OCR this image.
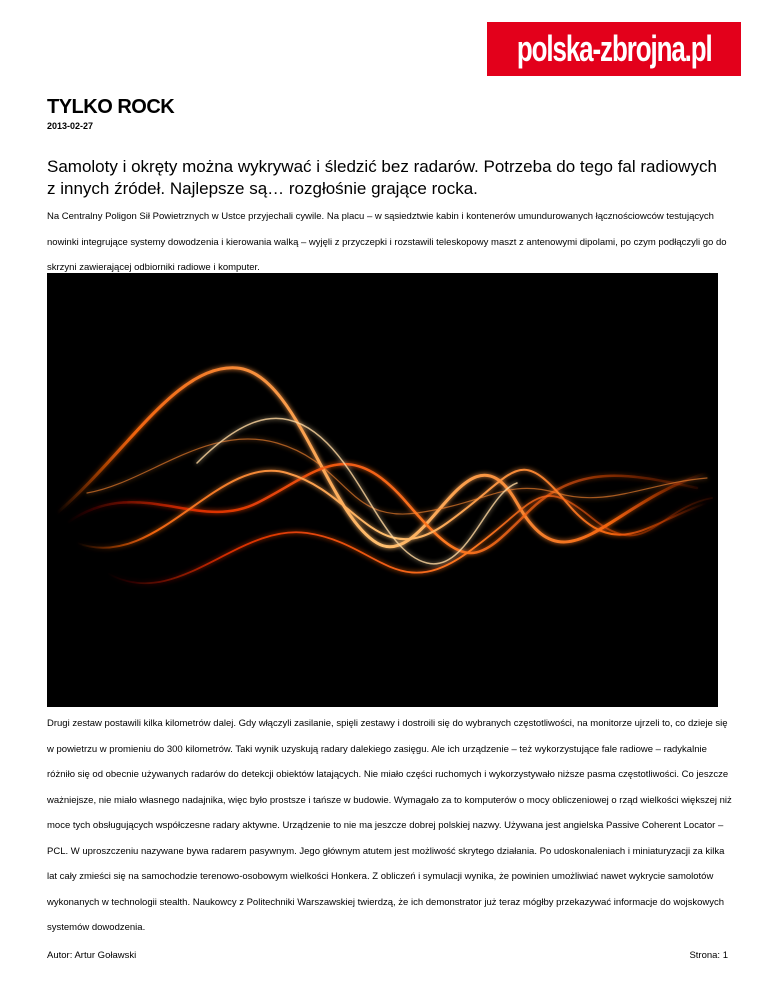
polska-zbrojna.pl
TYLKO ROCK
2013-02-27

Samoloty i okręty można wykrywać i śledzić bez radarów. Potrzeba do tego fal radiowych z innych źródeł. Najlepsze są… rozgłośnie grające rocka.

Na Centralny Poligon Sił Powietrznych w Ustce przyjechali cywile. Na placu – w sąsiedztwie kabin i kontenerów umundurowanych łącznościowców testujących nowinki integrujące systemy dowodzenia i kierowania walką – wyjęli z przyczepki i rozstawili teleskopowy maszt z antenowymi dipolami, po czym podłączyli go do skrzyni zawierającej odbiorniki radiowe i komputer.

Drugi zestaw postawili kilka kilometrów dalej. Gdy włączyli zasilanie, spięli zestawy i dostroili się do wybranych częstotliwości, na monitorze ujrzeli to, co dzieje się w powietrzu w promieniu do 300 kilometrów. Taki wynik uzyskują radary dalekiego zasięgu. Ale ich urządzenie – też wykorzystujące fale radiowe – radykalnie różniło się od obecnie używanych radarów do detekcji obiektów latających. Nie miało części ruchomych i wykorzystywało niższe pasma częstotliwości. Co jeszcze ważniejsze, nie miało własnego nadajnika, więc było prostsze i tańsze w budowie. Wymagało za to komputerów o mocy obliczeniowej o rząd wielkości większej niż moce tych obsługujących współczesne radary aktywne. Urządzenie to nie ma jeszcze dobrej polskiej nazwy. Używana jest angielska Passive Coherent Locator – PCL. W uproszczeniu nazywane bywa radarem pasywnym. Jego głównym atutem jest możliwość skrytego działania. Po udoskonaleniach i miniaturyzacji za kilka lat cały zmieści się na samochodzie terenowo-osobowym wielkości Honkera. Z obliczeń i symulacji wynika, że powinien umożliwiać nawet wykrycie samolotów wykonanych w technologii stealth. Naukowcy z Politechniki Warszawskiej twierdzą, że ich demonstrator już teraz mógłby przekazywać informacje do wojskowych systemów dowodzenia.

Autor: Artur Goławski	Strona: 1
